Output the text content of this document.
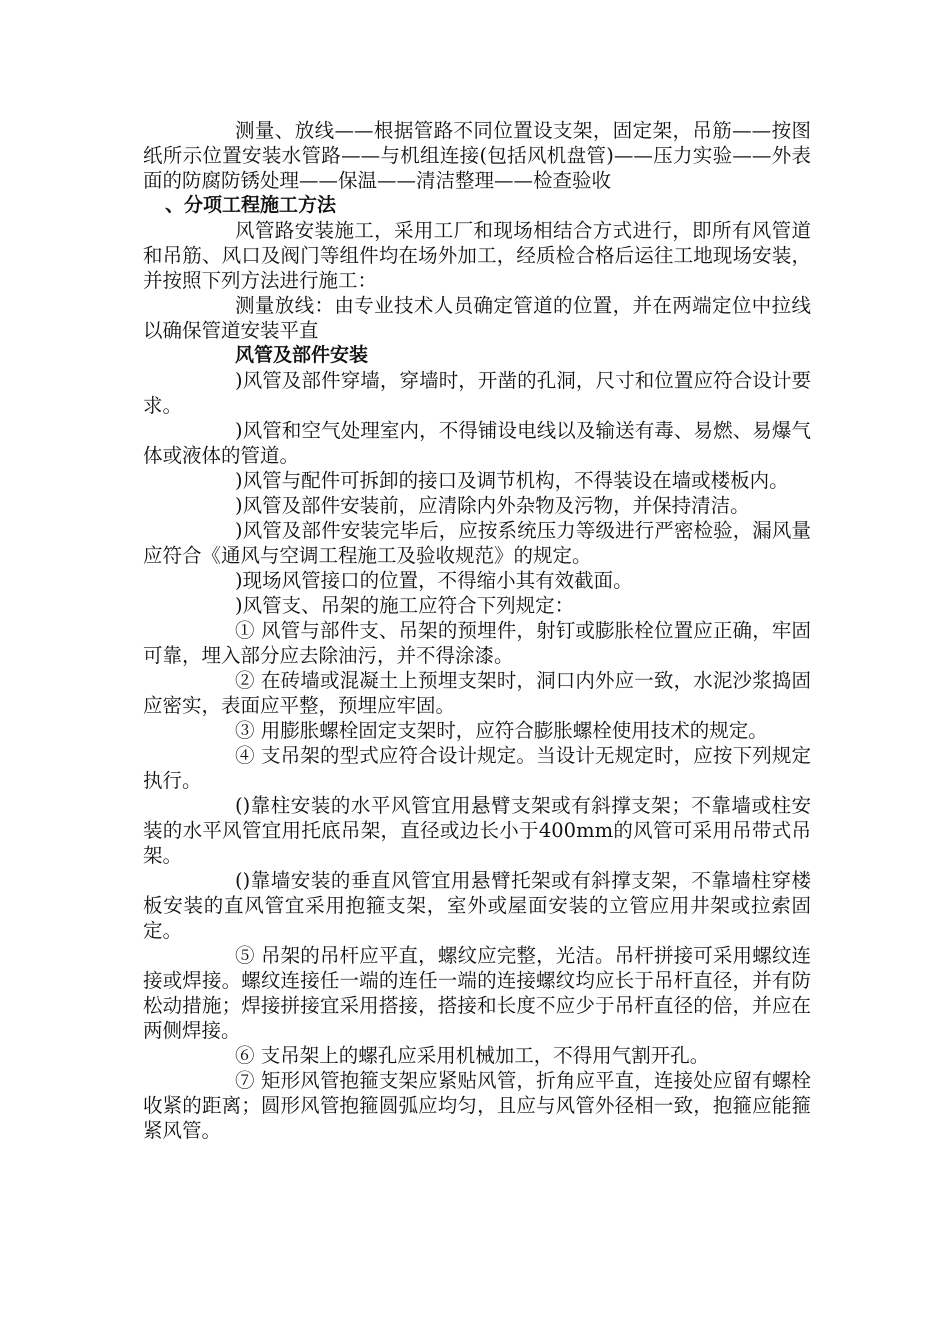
测量、放线——根据管路不同位置设支架，固定架，吊筋——按图纸所示位置安装水管路——与机组连接(包括风机盘管)——压力实验——外表面的防腐防锈处理——保温——清洁整理——检查验收

、分项工程施工方法

风管路安装施工，采用工厂和现场相结合方式进行，即所有风管道和吊筋、风口及阀门等组件均在场外加工，经质检合格后运往工地现场安装，并按照下列方法进行施工：

测量放线：由专业技术人员确定管道的位置，并在两端定位中拉线以确保管道安装平直

风管及部件安装

)风管及部件穿墙，穿墙时，开凿的孔洞，尺寸和位置应符合设计要求。

)风管和空气处理室内，不得铺设电线以及输送有毒、易燃、易爆气体或液体的管道。

)风管与配件可拆卸的接口及调节机构，不得装设在墙或楼板内。

)风管及部件安装前，应清除内外杂物及污物，并保持清洁。

)风管及部件安装完毕后，应按系统压力等级进行严密检验，漏风量应符合《通风与空调工程施工及验收规范》的规定。

)现场风管接口的位置，不得缩小其有效截面。

)风管支、吊架的施工应符合下列规定：

① 风管与部件支、吊架的预埋件，射钉或膨胀栓位置应正确，牢固可靠，埋入部分应去除油污，并不得涂漆。

② 在砖墙或混凝土上预埋支架时，洞口内外应一致，水泥沙浆捣固应密实，表面应平整，预埋应牢固。

③ 用膨胀螺栓固定支架时，应符合膨胀螺栓使用技术的规定。

④ 支吊架的型式应符合设计规定。当设计无规定时，应按下列规定执行。

()靠柱安装的水平风管宜用悬臂支架或有斜撑支架；不靠墙或柱安装的水平风管宜用托底吊架，直径或边长小于400mm的风管可采用吊带式吊架。

()靠墙安装的垂直风管宜用悬臂托架或有斜撑支架，不靠墙柱穿楼板安装的直风管宜采用抱箍支架，室外或屋面安装的立管应用井架或拉索固定。

⑤ 吊架的吊杆应平直，螺纹应完整，光洁。吊杆拼接可采用螺纹连接或焊接。螺纹连接任一端的连任一端的连接螺纹均应长于吊杆直径，并有防松动措施；焊接拼接宜采用搭接，搭接和长度不应少于吊杆直径的倍，并应在两侧焊接。

⑥ 支吊架上的螺孔应采用机械加工，不得用气割开孔。

⑦ 矩形风管抱箍支架应紧贴风管，折角应平直，连接处应留有螺栓收紧的距离；圆形风管抱箍圆弧应均匀，且应与风管外径相一致，抱箍应能箍紧风管。
